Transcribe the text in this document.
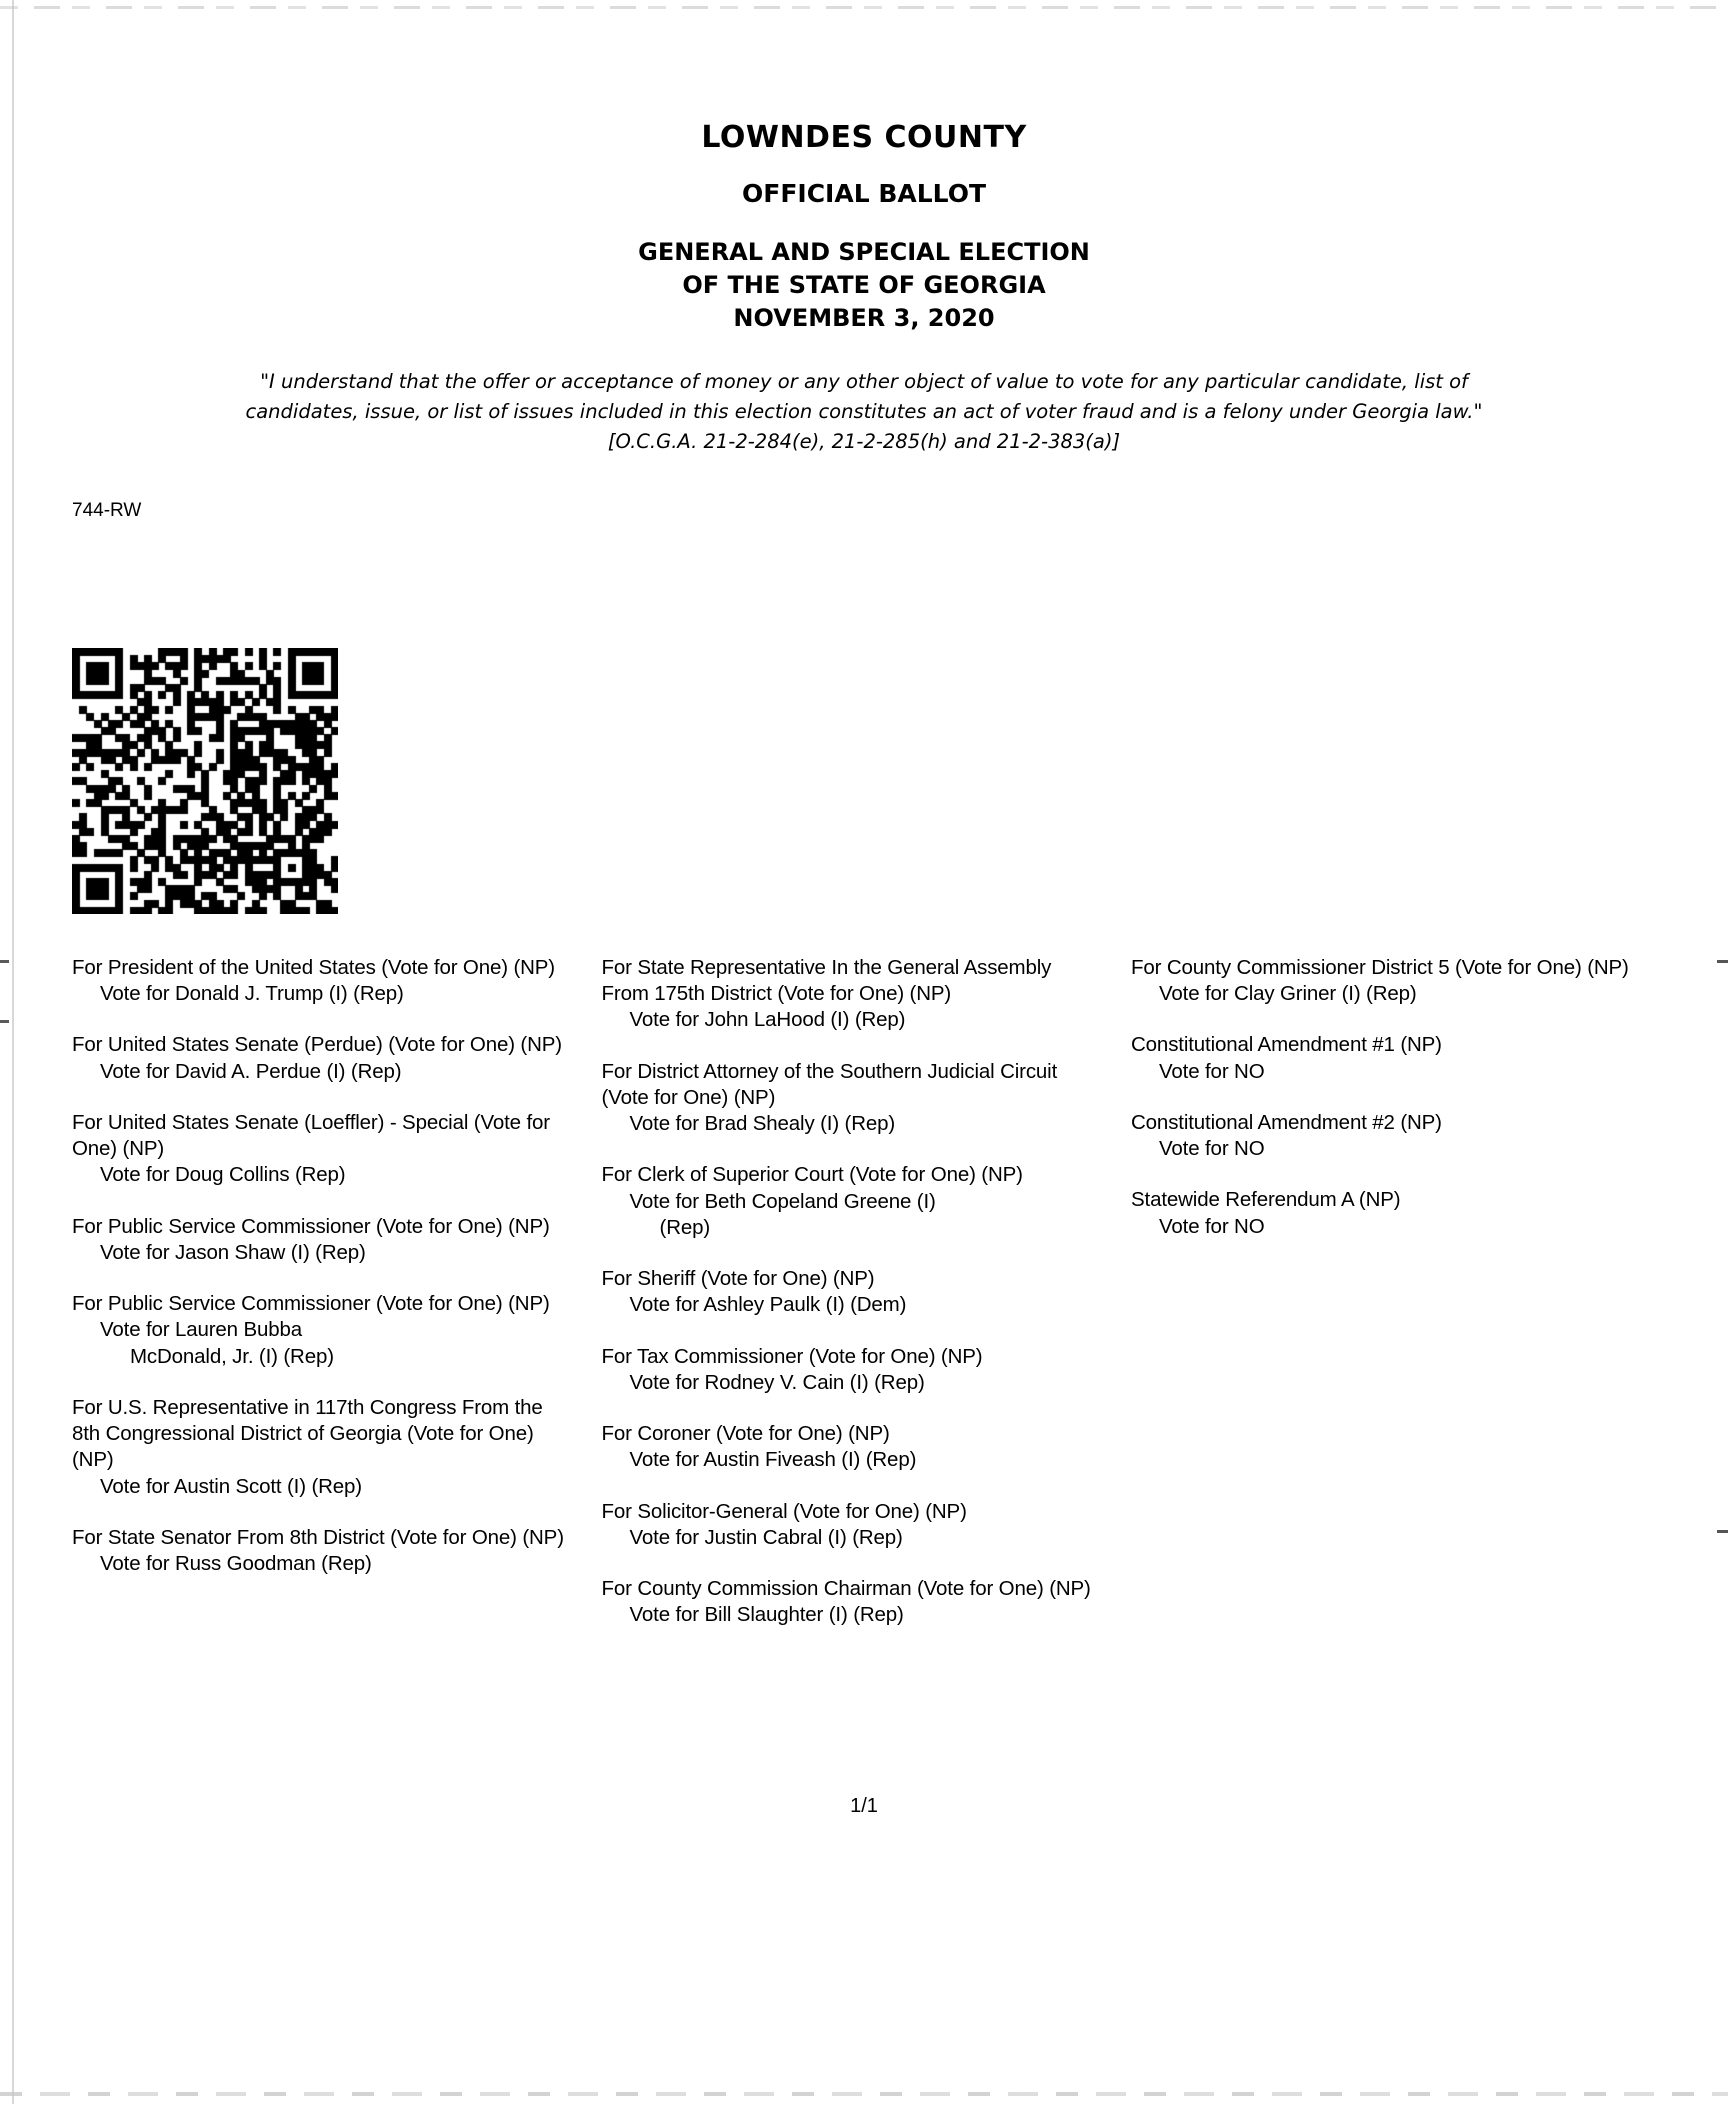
LOWNDES COUNTY
OFFICIAL BALLOT
GENERAL AND SPECIAL ELECTION
OF THE STATE OF GEORGIA
NOVEMBER 3, 2020
"I understand that the offer or acceptance of money or any other object of value to vote for any particular candidate, list of candidates, issue, or list of issues included in this election constitutes an act of voter fraud and is a felony under Georgia law." [O.C.G.A. 21-2-284(e), 21-2-285(h) and 21-2-383(a)]
744-RW
For President of the United States (Vote for One) (NP)
Vote for Donald J. Trump (I) (Rep)
For United States Senate (Perdue) (Vote for One) (NP)
Vote for David A. Perdue (I) (Rep)
For United States Senate (Loeffler) - Special (Vote for One) (NP)
Vote for Doug Collins (Rep)
For Public Service Commissioner (Vote for One) (NP)
Vote for Jason Shaw (I) (Rep)
For Public Service Commissioner (Vote for One) (NP)
Vote for Lauren Bubba
McDonald, Jr. (I) (Rep)
For U.S. Representative in 117th Congress From the 8th Congressional District of Georgia (Vote for One) (NP)
Vote for Austin Scott (I) (Rep)
For State Senator From 8th District (Vote for One) (NP)
Vote for Russ Goodman (Rep)
For State Representative In the General Assembly From 175th District (Vote for One) (NP)
Vote for John LaHood (I) (Rep)
For District Attorney of the Southern Judicial Circuit (Vote for One) (NP)
Vote for Brad Shealy (I) (Rep)
For Clerk of Superior Court (Vote for One) (NP)
Vote for Beth Copeland Greene (I)
(Rep)
For Sheriff (Vote for One) (NP)
Vote for Ashley Paulk (I) (Dem)
For Tax Commissioner (Vote for One) (NP)
Vote for Rodney V. Cain (I) (Rep)
For Coroner (Vote for One) (NP)
Vote for Austin Fiveash (I) (Rep)
For Solicitor-General (Vote for One) (NP)
Vote for Justin Cabral (I) (Rep)
For County Commission Chairman (Vote for One) (NP)
Vote for Bill Slaughter (I) (Rep)
For County Commissioner District 5 (Vote for One) (NP)
Vote for Clay Griner (I) (Rep)
Constitutional Amendment #1 (NP)
Vote for NO
Constitutional Amendment #2 (NP)
Vote for NO
Statewide Referendum A (NP)
Vote for NO
1/1
